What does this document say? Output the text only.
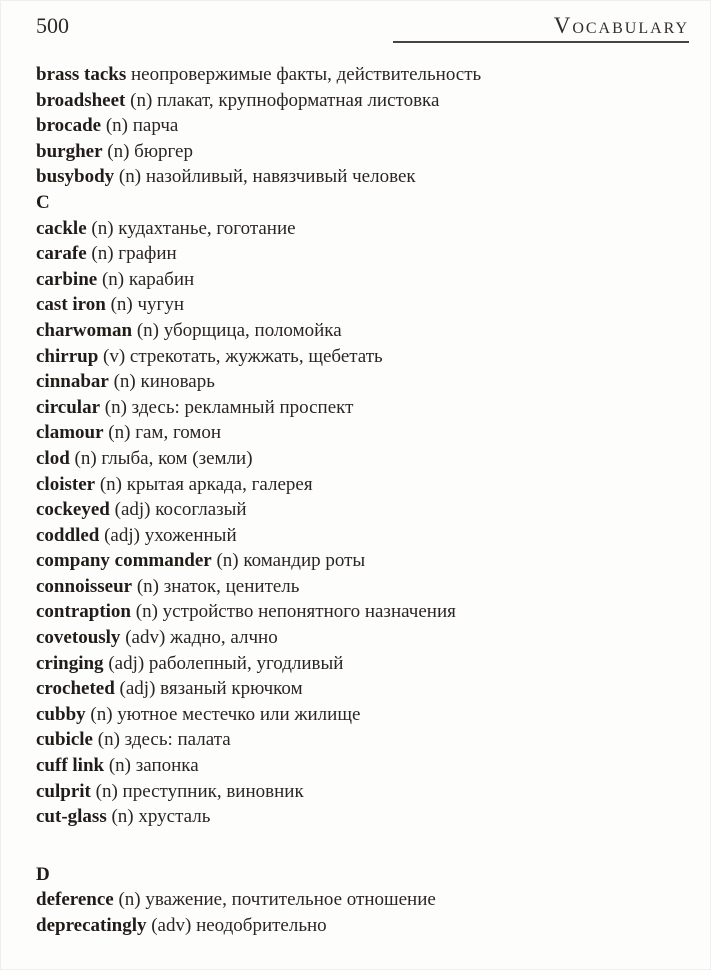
500	Vocabulary
brass tacks неопровержимые факты, действительность
broadsheet (n) плакат, крупноформатная листовка
brocade (n) парча
burgher (n) бюргер
busybody (n) назойливый, навязчивый человек
C
cackle (n) кудахтанье, гоготание
carafe (n) графин
carbine (n) карабин
cast iron (n) чугун
charwoman (n) уборщица, поломойка
chirrup (v) стрекотать, жужжать, щебетать
cinnabar (n) киноварь
circular (n) здесь: рекламный проспект
clamour (n) гам, гомон
clod (n) глыба, ком (земли)
cloister (n) крытая аркада, галерея
cockeyed (adj) косоглазый
coddled (adj) ухоженный
company commander (n) командир роты
connoisseur (n) знаток, ценитель
contraption (n) устройство непонятного назначения
covetously (adv) жадно, алчно
cringing (adj) раболепный, угодливый
crocheted (adj) вязаный крючком
cubby (n) уютное местечко или жилище
cubicle (n) здесь: палата
cuff link (n) запонка
culprit (n) преступник, виновник
cut-glass (n) хрусталь
D
deference (n) уважение, почтительное отношение
deprecatingly (adv) неодобрительно
